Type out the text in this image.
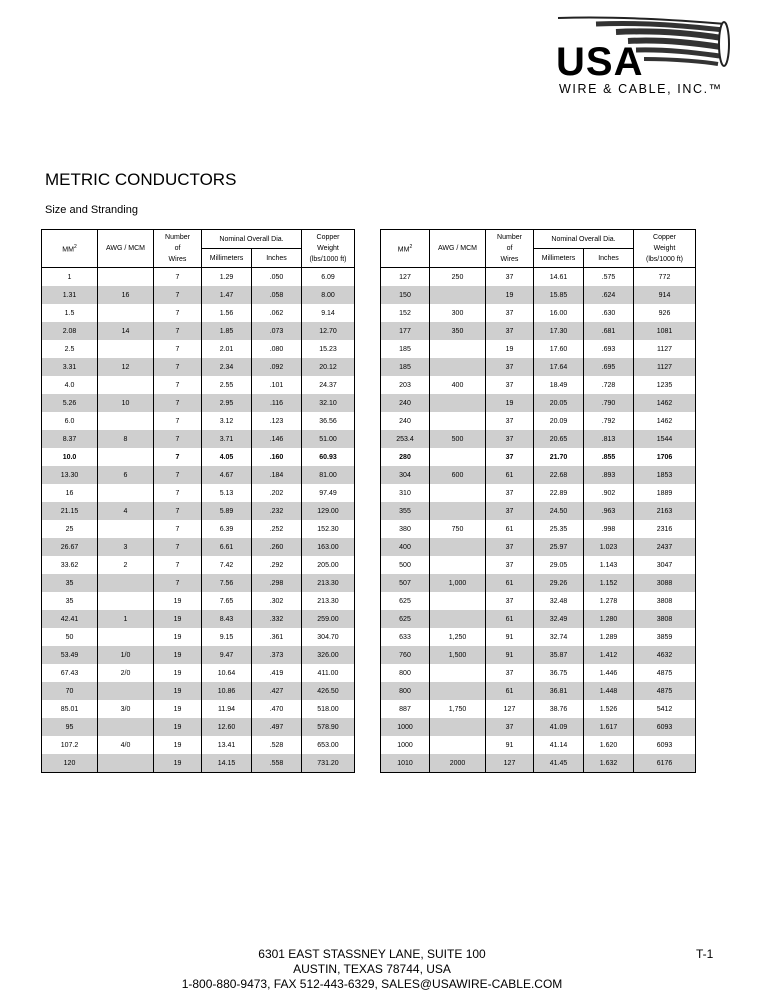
USA
WIRE & CABLE, INC.™
METRIC CONDUCTORS
Size and Stranding
$MM^2$	AWG / MCM	Number
of
Wires	Nominal Overall Dia.		Copper
Weight
(lbs/1000 ft)
			Millimeters	Inches	
1		7	1.29	.050	6.09
1.31	16	7	1.47	.058	8.00
1.5		7	1.56	.062	9.14
2.08	14	7	1.85	.073	12.70
2.5		7	2.01	.080	15.23
3.31	12	7	2.34	.092	20.12
4.0		7	2.55	.101	24.37
5.26	10	7	2.95	.116	32.10
6.0		7	3.12	.123	36.56
8.37	8	7	3.71	.146	51.00
10.0		7	4.05	.160	60.93
13.30	6	7	4.67	.184	81.00
16		7	5.13	.202	97.49
21.15	4	7	5.89	.232	129.00
25		7	6.39	.252	152.30
26.67	3	7	6.61	.260	163.00
33.62	2	7	7.42	.292	205.00
35		7	7.56	.298	213.30
35		19	7.65	.302	213.30
42.41	1	19	8.43	.332	259.00
50		19	9.15	.361	304.70
53.49	1/0	19	9.47	.373	326.00
67.43	2/0	19	10.64	.419	411.00
70		19	10.86	.427	426.50
85.01	3/0	19	11.94	.470	518.00
95		19	12.60	.497	578.90
107.2	4/0	19	13.41	.528	653.00
120		19	14.15	.558	731.20
$MM^2$	AWG / MCM	Number
of
Wires	Nominal Overall Dia.		Copper
Weight
(lbs/1000 ft)
			Millimeters	Inches	
127	250	37	14.61	.575	772
150		19	15.85	.624	914
152	300	37	16.00	.630	926
177	350	37	17.30	.681	1081
185		19	17.60	.693	1127
185		37	17.64	.695	1127
203	400	37	18.49	.728	1235
240		19	20.05	.790	1462
240		37	20.09	.792	1462
253.4	500	37	20.65	.813	1544
280		37	21.70	.855	1706
304	600	61	22.68	.893	1853
310		37	22.89	.902	1889
355		37	24.50	.963	2163
380	750	61	25.35	.998	2316
400		37	25.97	1.023	2437
500		37	29.05	1.143	3047
507	1,000	61	29.26	1.152	3088
625		37	32.48	1.278	3808
625		61	32.49	1.280	3808
633	1,250	91	32.74	1.289	3859
760	1,500	91	35.87	1.412	4632
800		37	36.75	1.446	4875
800		61	36.81	1.448	4875
887	1,750	127	38.76	1.526	5412
1000		37	41.09	1.617	6093
1000		91	41.14	1.620	6093
1010	2000	127	41.45	1.632	6176
6301 EAST STASSNEY LANE, SUITE 100
AUSTIN, TEXAS 78744, USA
1-800-880-9473, FAX 512-443-6329, SALES@USAWIRE-CABLE.COM
T-1
